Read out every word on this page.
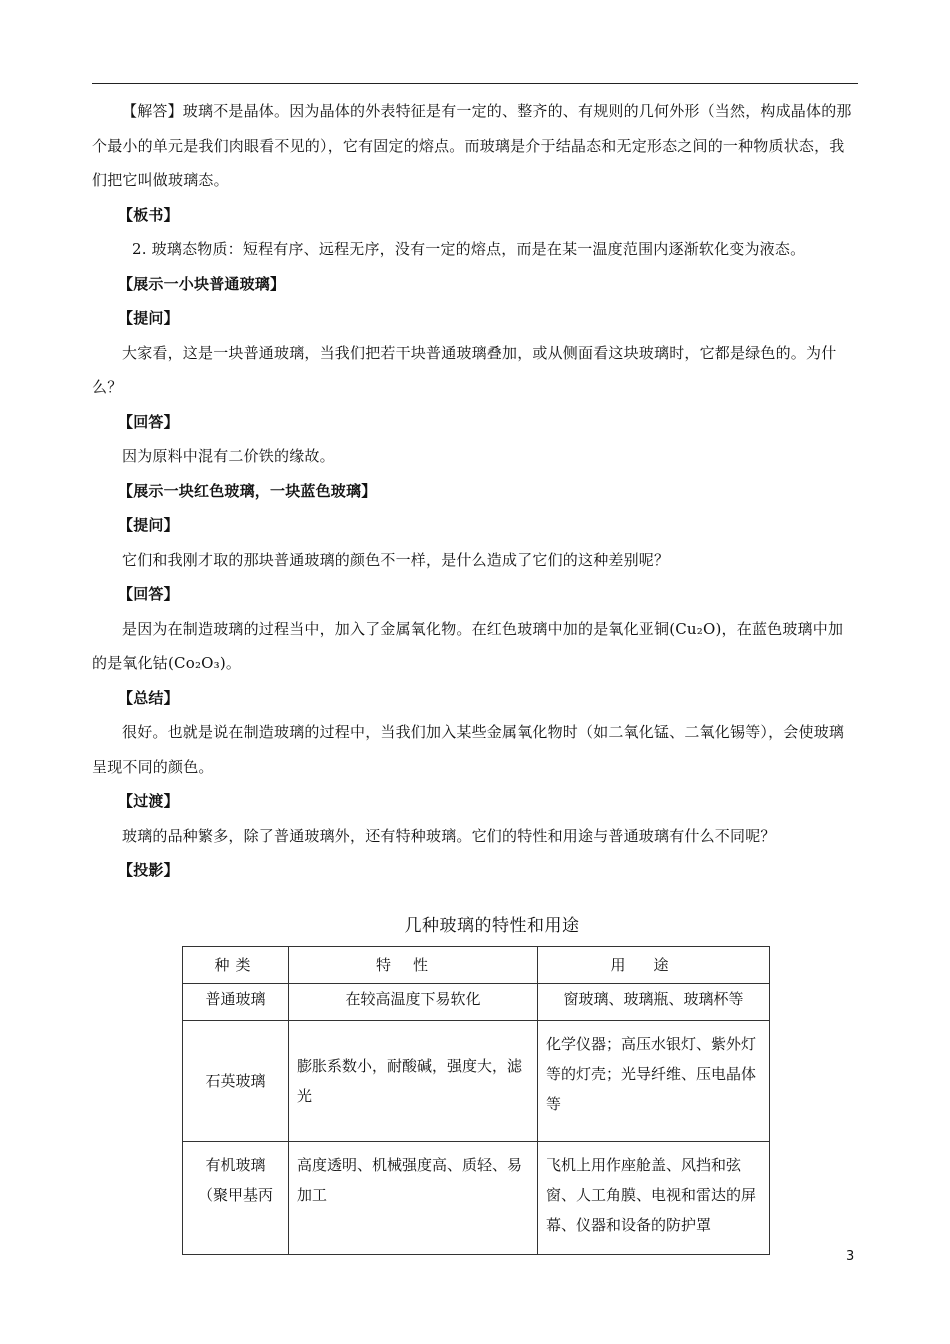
【解答】玻璃不是晶体。因为晶体的外表特征是有一定的、整齐的、有规则的几何外形（当然，构成晶体的那个最小的单元是我们肉眼看不见的），它有固定的熔点。而玻璃是介于结晶态和无定形态之间的一种物质状态，我们把它叫做玻璃态。

【板书】

2. 玻璃态物质：短程有序、远程无序，没有一定的熔点，而是在某一温度范围内逐渐软化变为液态。

【展示一小块普通玻璃】

【提问】

大家看，这是一块普通玻璃，当我们把若干块普通玻璃叠加，或从侧面看这块玻璃时，它都是绿色的。为什么？

【回答】

因为原料中混有二价铁的缘故。

【展示一块红色玻璃，一块蓝色玻璃】

【提问】

它们和我刚才取的那块普通玻璃的颜色不一样，是什么造成了它们的这种差别呢？

【回答】

是因为在制造玻璃的过程当中，加入了金属氧化物。在红色玻璃中加的是氧化亚铜(Cu₂O)，在蓝色玻璃中加的是氧化钴(Co₂O₃)。

【总结】

很好。也就是说在制造玻璃的过程中，当我们加入某些金属氧化物时（如二氧化锰、二氧化锡等），会使玻璃呈现不同的颜色。

【过渡】

玻璃的品种繁多，除了普通玻璃外，还有特种玻璃。它们的特性和用途与普通玻璃有什么不同呢？

【投影】

几种玻璃的特性和用途
种类	特性	用途
普通玻璃	在较高温度下易软化	窗玻璃、玻璃瓶、玻璃杯等
石英玻璃	膨胀系数小，耐酸碱，强度大，滤光	化学仪器；高压水银灯、紫外灯等的灯壳；光导纤维、压电晶体等
有机玻璃（聚甲基丙	高度透明、机械强度高、质轻、易加工	飞机上用作座舱盖、风挡和弦窗、人工角膜、电视和雷达的屏幕、仪器和设备的防护罩
3
